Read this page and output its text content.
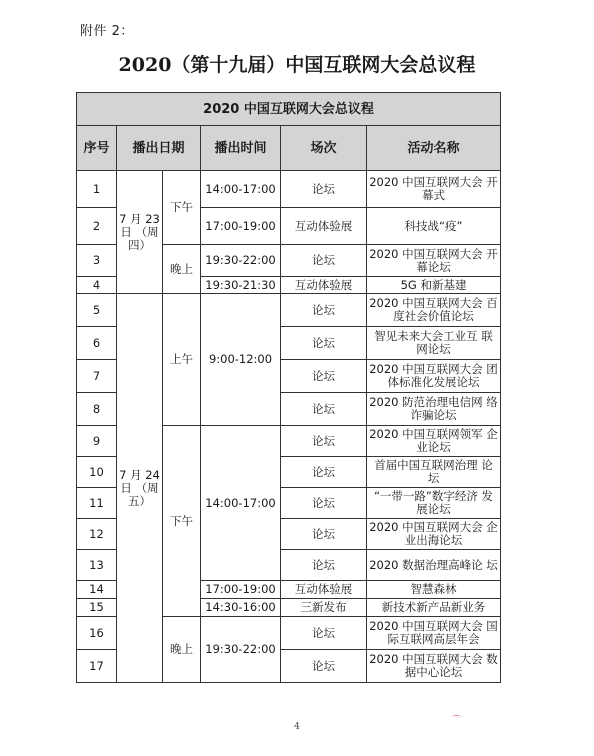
附件 2：
2020（第十九届）中国互联网大会总议程
2020 中国互联网大会总议程					
序号	播出日期		播出时间	场次	活动名称
1	7 月 23 日 （周 四）	下午	14:00-17:00	论坛	2020 中国互联网大会 开幕式
2			17:00-19:00	互动体验展	科技战“疫”
3		晚上	19:30-22:00	论坛	2020 中国互联网大会 开幕论坛
4			19:30-21:30	互动体验展	5G 和新基建
5	7 月 24 日 （周 五）	上午	9:00-12:00	论坛	2020 中国互联网大会 百度社会价值论坛
6				论坛	智见未来大会工业互 联网论坛
7				论坛	2020 中国互联网大会 团体标准化发展论坛
8				论坛	2020 防范治理电信网 络诈骗论坛
9		下午	14:00-17:00	论坛	2020 中国互联网领军 企业论坛
10				论坛	首届中国互联网治理 论坛
11				论坛	“一带一路”数字经济 发展论坛
12				论坛	2020 中国互联网大会 企业出海论坛
13				论坛	2020 数据治理高峰论 坛
14			17:00-19:00	互动体验展	智慧森林
15			14:30-16:00	三新发布	新技术新产品新业务
16		晚上	19:30-22:00	论坛	2020 中国互联网大会 国际互联网高层年会
17				论坛	2020 中国互联网大会 数据中心论坛
4
⌒
